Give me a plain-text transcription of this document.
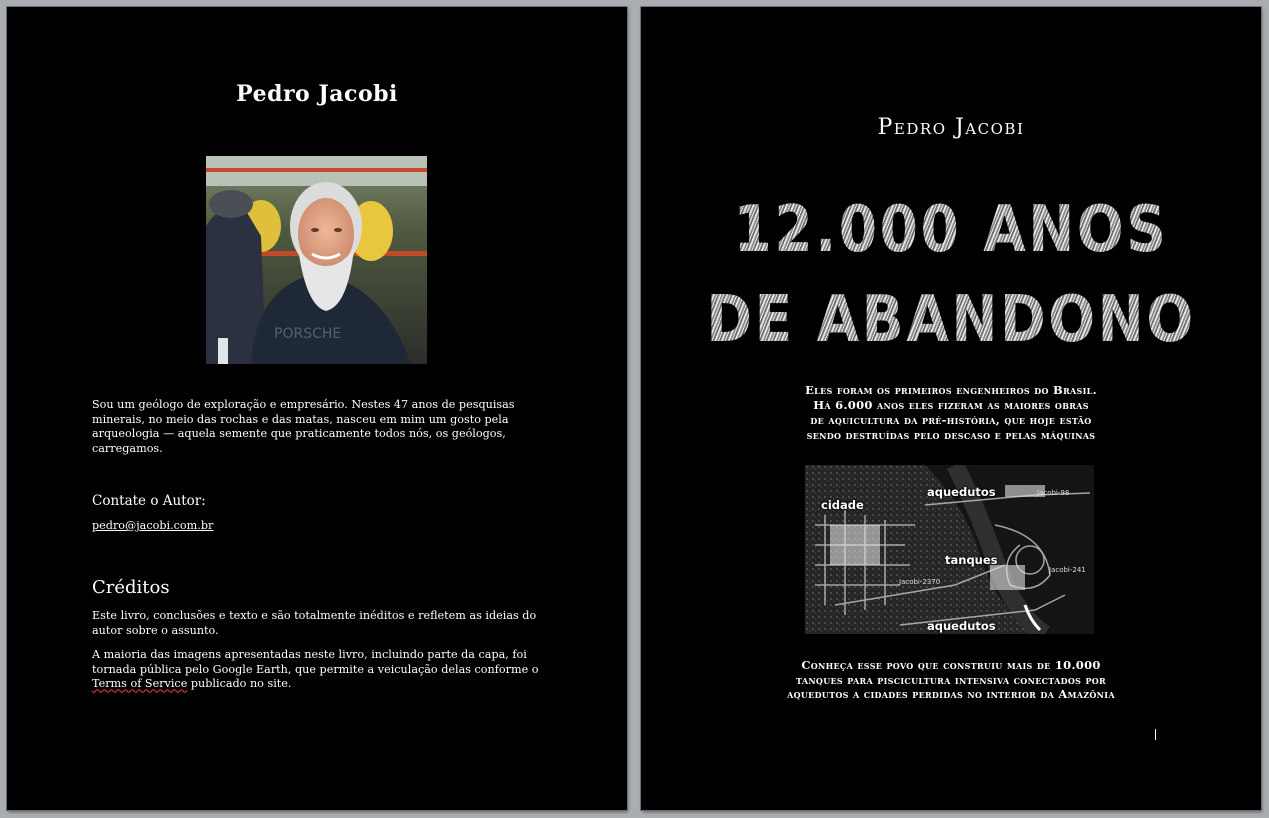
Pedro Jacobi
PORSCHE
Sou um geólogo de exploração e empresário. Nestes 47 anos de pesquisas minerais, no meio das rochas e das matas, nasceu em mim um gosto pela arqueologia — aquela semente que praticamente todos nós, os geólogos, carregamos.
Contate o Autor:
pedro@jacobi.com.br
Créditos
Este livro, conclusões e texto e são totalmente inéditos e refletem as ideias do autor sobre o assunto.
A maioria das imagens apresentadas neste livro, incluindo parte da capa, foi tornada pública pelo Google Earth, que permite a veiculação delas conforme o Terms of Service publicado no site.
Pedro Jacobi
12.000 ANOS
DE ABANDONO
Eles foram os primeiros engenheiros do Brasil.
Há 6.000 anos eles fizeram as maiores obras
de aquicultura da pré-história, que hoje estão
sendo destruídas pelo descaso e pelas máquinas
aquedutos
cidade
tanques
aquedutos
Jacobi-2370
Jacobi-241
Jacobi-98
Conheça esse povo que construiu mais de 10.000
tanques para piscicultura intensiva conectados por
aquedutos a cidades perdidas no interior da Amazônia
